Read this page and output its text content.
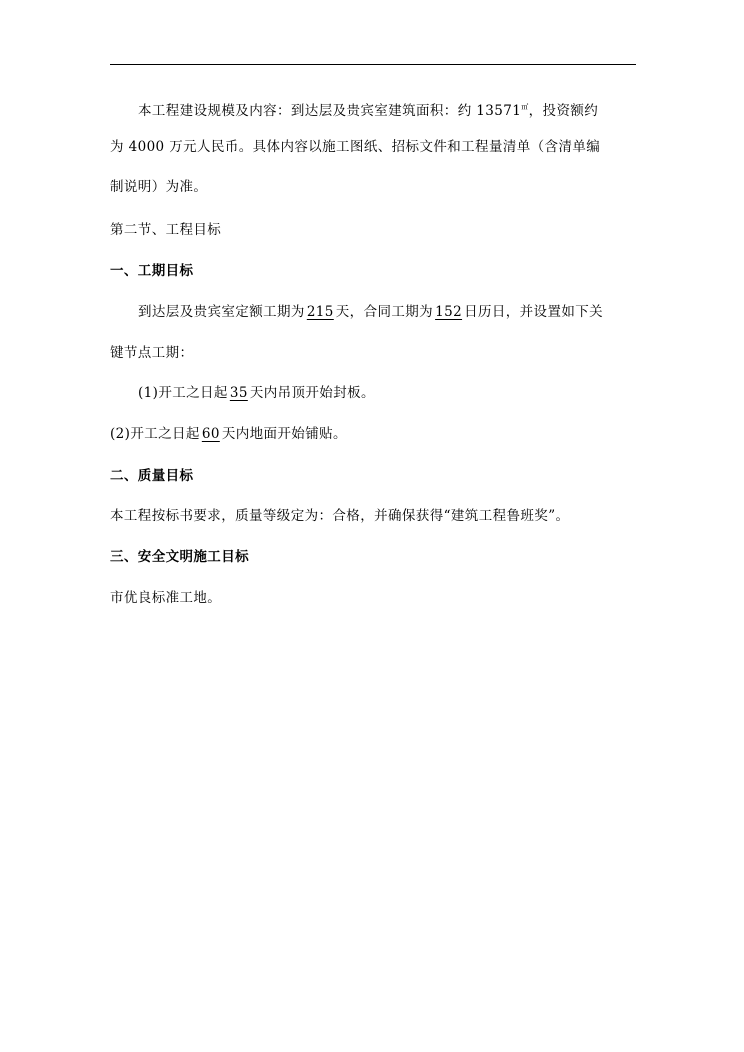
本工程建设规模及内容：到达层及贵宾室建筑面积：约 13571㎡，投资额约
为 4000 万元人民币。具体内容以施工图纸、招标文件和工程量清单（含清单编
制说明）为准。
第二节、工程目标
一、工期目标
到达层及贵宾室定额工期为 215 天，合同工期为 152 日历日，并设置如下关
键节点工期：
(1)开工之日起 35 天内吊顶开始封板。
(2)开工之日起 60 天内地面开始铺贴。
二、质量目标
本工程按标书要求，质量等级定为：合格，并确保获得“建筑工程鲁班奖”。
三、安全文明施工目标
市优良标准工地。
